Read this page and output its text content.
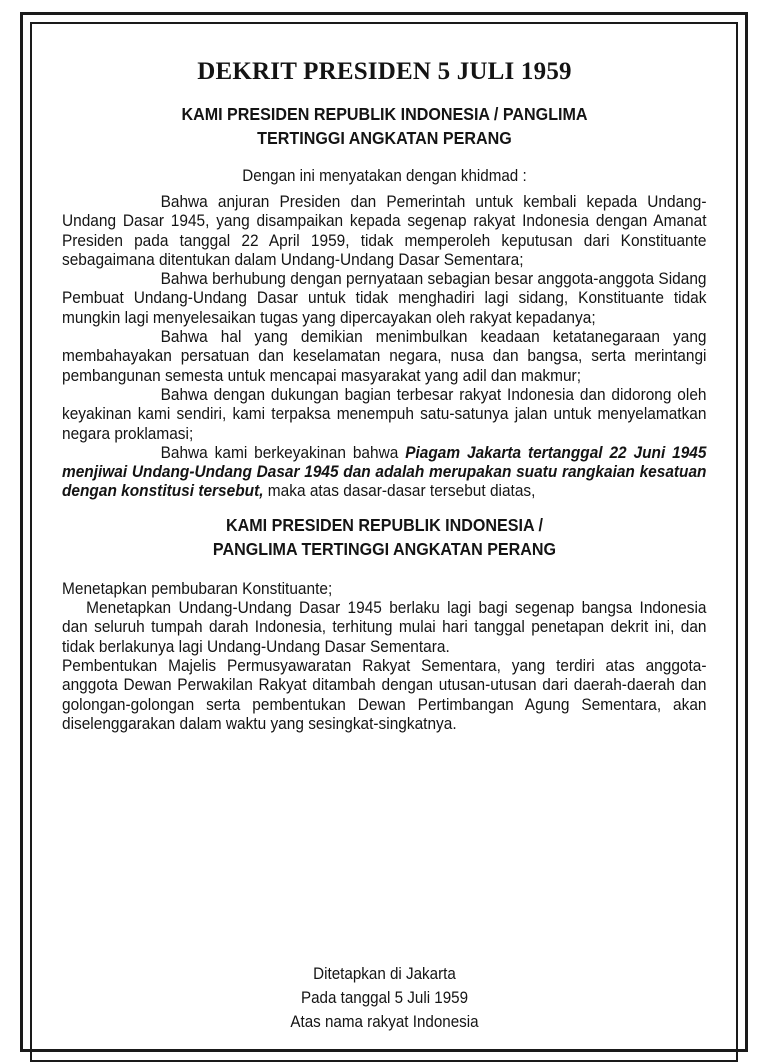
DEKRIT PRESIDEN 5 JULI 1959
KAMI PRESIDEN REPUBLIK INDONESIA / PANGLIMA
TERTINGGI ANGKATAN PERANG
Dengan ini menyatakan dengan khidmad :

Bahwa anjuran Presiden dan Pemerintah untuk kembali kepada Undang-Undang Dasar 1945, yang disampaikan kepada segenap rakyat Indonesia dengan Amanat Presiden pada tanggal 22 April 1959, tidak memperoleh keputusan dari Konstituante sebagaimana ditentukan dalam Undang-Undang Dasar Sementara;

Bahwa berhubung dengan pernyataan sebagian besar anggota-anggota Sidang Pembuat Undang-Undang Dasar untuk tidak menghadiri lagi sidang, Konstituante tidak mungkin lagi menyelesaikan tugas yang dipercayakan oleh rakyat kepadanya;

Bahwa hal yang demikian menimbulkan keadaan ketatanegaraan yang membahayakan persatuan dan keselamatan negara, nusa dan bangsa, serta merintangi pembangunan semesta untuk mencapai masyarakat yang adil dan makmur;

Bahwa dengan dukungan bagian terbesar rakyat Indonesia dan didorong oleh keyakinan kami sendiri, kami terpaksa menempuh satu-satunya jalan untuk menyelamatkan negara proklamasi;

Bahwa kami berkeyakinan bahwa Piagam Jakarta tertanggal 22 Juni 1945 menjiwai Undang-Undang Dasar 1945 dan adalah merupakan suatu rangkaian kesatuan dengan konstitusi tersebut, maka atas dasar-dasar tersebut diatas,

KAMI PRESIDEN REPUBLIK INDONESIA /
PANGLIMA TERTINGGI ANGKATAN PERANG

Menetapkan pembubaran Konstituante;

Menetapkan Undang-Undang Dasar 1945 berlaku lagi bagi segenap bangsa Indonesia dan seluruh tumpah darah Indonesia, terhitung mulai hari tanggal penetapan dekrit ini, dan tidak berlakunya lagi Undang-Undang Dasar Sementara.

Pembentukan Majelis Permusyawaratan Rakyat Sementara, yang terdiri atas anggota-anggota Dewan Perwakilan Rakyat ditambah dengan utusan-utusan dari daerah-daerah dan golongan-golongan serta pembentukan Dewan Pertimbangan Agung Sementara, akan diselenggarakan dalam waktu yang sesingkat-singkatnya.

Ditetapkan di Jakarta
Pada tanggal 5 Juli 1959
Atas nama rakyat Indonesia
